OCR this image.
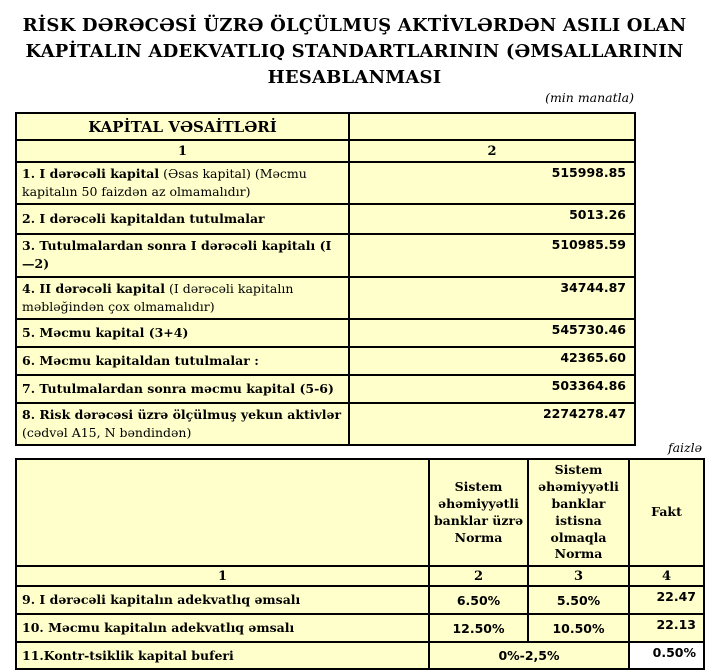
RİSK DƏRƏCƏSİ ÜZRƏ ÖLÇÜLMUŞ AKTİVLƏRDƏN ASILI OLAN
KAPİTALIN ADEKVATLIQ STANDARTLARININ (ƏMSALLARININ
HESABLANMASI
(min manatla)
KAPİTAL VƏSAİTLƏRİ	
1	2
1. I dərəcəli kapital (Əsas kapital) (Məcmu kapitalın 50 faizdən az olmamalıdır)	515998.85
2. I dərəcəli kapitaldan tutulmalar	5013.26
3. Tutulmalardan sonra I dərəcəli kapitalı (I—2)	510985.59
4. II dərəcəli kapital (I dərəcəli kapitalın məbləğindən çox olmamalıdır)	34744.87
5. Məcmu kapital (3+4)	545730.46
6. Məcmu kapitaldan tutulmalar :	42365.60
7. Tutulmalardan sonra məcmu kapital (5-6)	503364.86
8. Risk dərəcəsi üzrə ölçülmuş yekun aktivlər (cədvəl A15, N bəndindən)	2274278.47
faizlə
	Sistem əhəmiyyətli banklar üzrə Norma	Sistem əhəmiyyətli banklar istisna olmaqla Norma	Fakt
1	2	3	4
9. I dərəcəli kapitalın adekvatlıq əmsalı	6.50%	5.50%	22.47
10. Məcmu kapitalın adekvatlıq əmsalı	12.50%	10.50%	22.13
11.Kontr-tsiklik kapital buferi	0%-2,5%		0.50%
